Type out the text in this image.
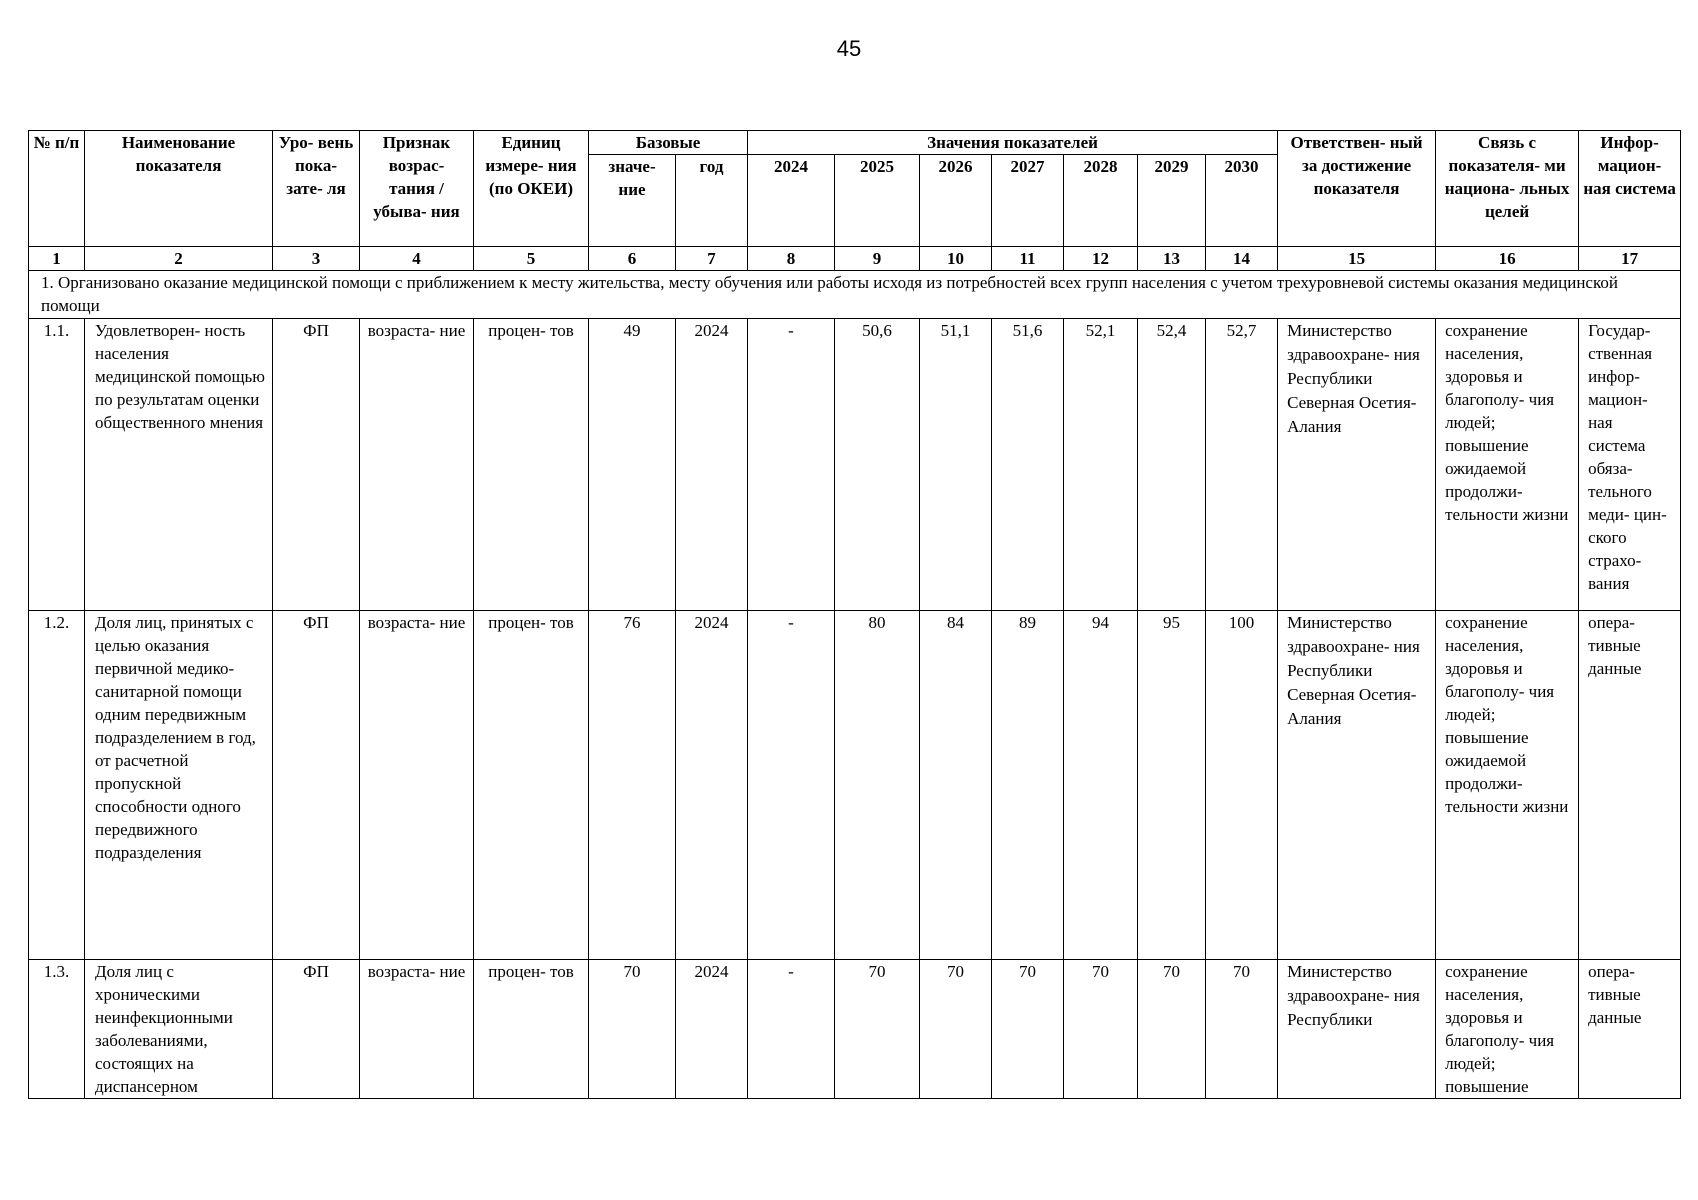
45
№ п/п	Наименование показателя	Уро- вень пока- зате- ля	Признак возрас- тания / убыва- ния	Единиц измере- ния (по ОКЕИ)	Базовые		Значения показателей							Ответствен- ный за достижение показателя	Связь с показателя- ми национа- льных целей	Инфор- мацион- ная система
					значе- ние	год	2024	2025	2026	2027	2028	2029	2030			
1	2	3	4	5	6	7	8	9	10	11	12	13	14	15	16	17
1. Организовано оказание медицинской помощи с приближением к месту жительства, месту обучения или работы исходя из потребностей всех групп населения с учетом трехуровневой системы оказания медицинской помощи																
1.1.	Удовлетворен- ность населения медицинской помощью по результатам оценки общественного мнения	ФП	возраста- ние	процен- тов	49	2024	-	50,6	51,1	51,6	52,1	52,4	52,7	Министерство здравоохране- ния Республики Северная Осетия-Алания	сохранение населения, здоровья и благополу- чия людей; повышение ожидаемой продолжи- тельности жизни	Государ- ственная инфор- мацион- ная система обяза- тельного меди- цин- ского страхо- вания
1.2.	Доля лиц, принятых с целью оказания первичной медико- санитарной помощи одним передвижным подразделением в год, от расчетной пропускной способности одного передвижного подразделения	ФП	возраста- ние	процен- тов	76	2024	-	80	84	89	94	95	100	Министерство здравоохране- ния Республики Северная Осетия-Алания	сохранение населения, здоровья и благополу- чия людей; повышение ожидаемой продолжи- тельности жизни	опера- тивные данные
1.3.	Доля лиц с хроническими неинфекционными заболеваниями, состоящих на диспансерном	ФП	возраста- ние	процен- тов	70	2024	-	70	70	70	70	70	70	Министерство здравоохране- ния Республики	сохранение населения, здоровья и благополу- чия людей; повышение	опера- тивные данные
